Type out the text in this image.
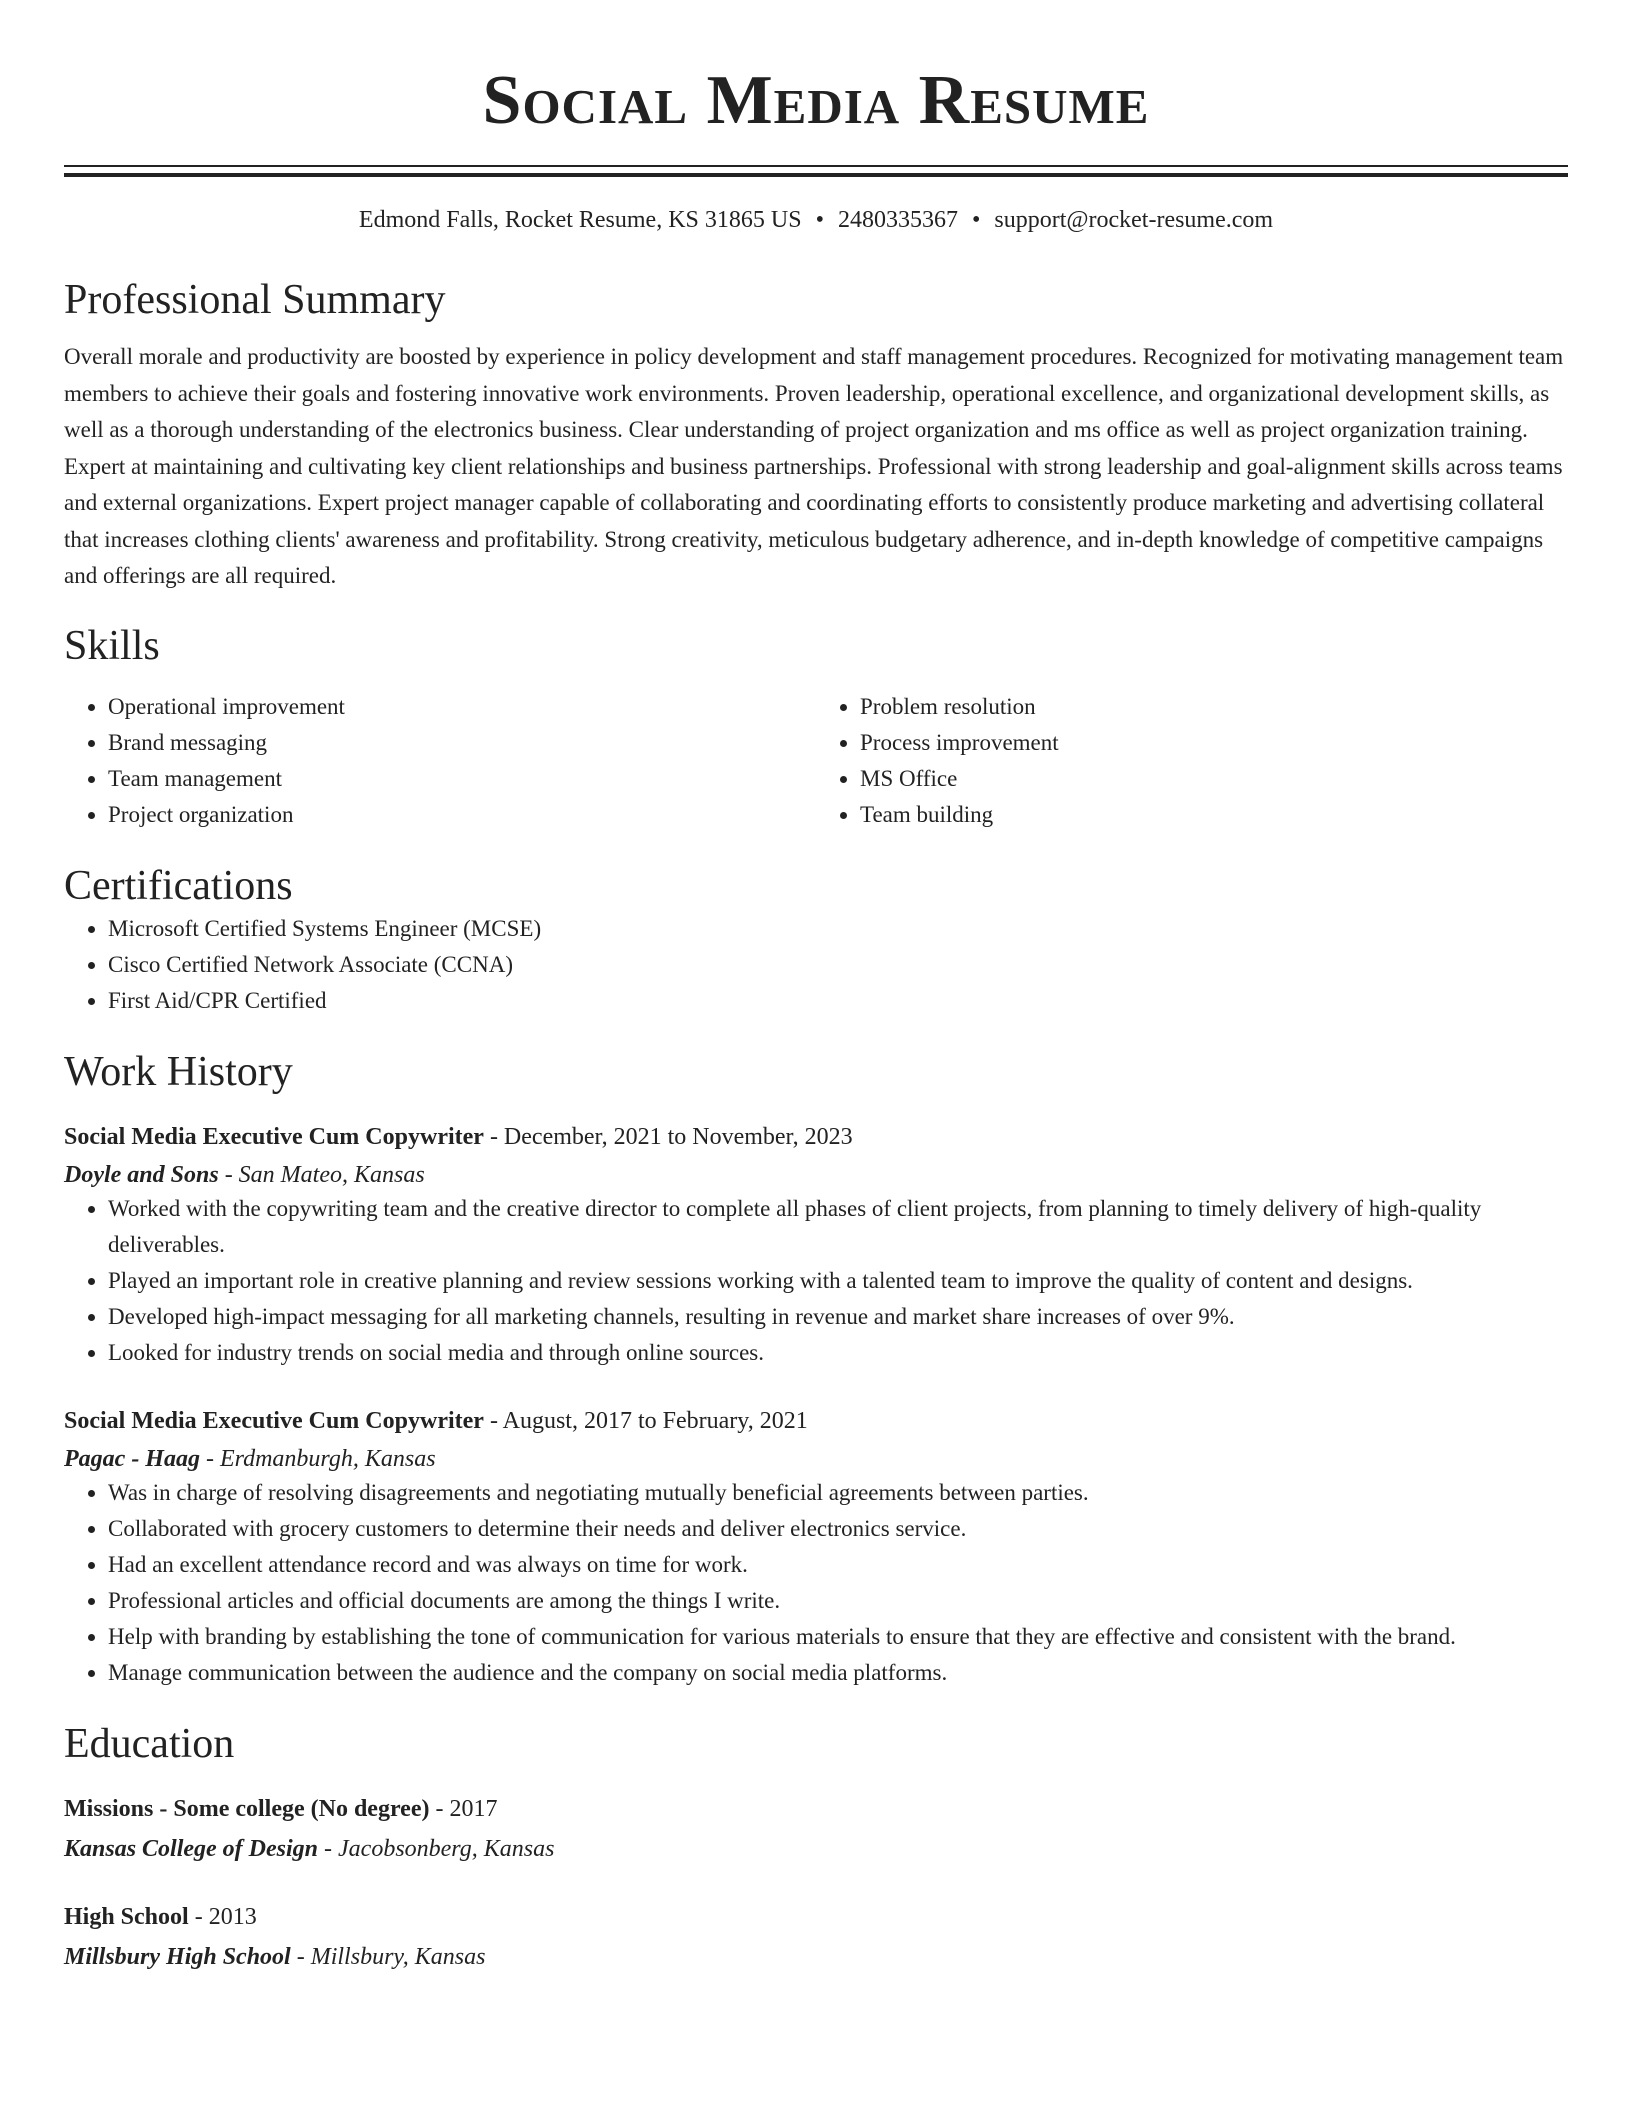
Social Media Resume
Edmond Falls, Rocket Resume, KS 31865 US • 2480335367 • support@rocket-resume.com
Professional Summary

Overall morale and productivity are boosted by experience in policy development and staff management procedures. Recognized for motivating management team members to achieve their goals and fostering innovative work environments. Proven leadership, operational excellence, and organizational development skills, as well as a thorough understanding of the electronics business. Clear understanding of project organization and ms office as well as project organization training. Expert at maintaining and cultivating key client relationships and business partnerships. Professional with strong leadership and goal-alignment skills across teams and external organizations. Expert project manager capable of collaborating and coordinating efforts to consistently produce marketing and advertising collateral that increases clothing clients' awareness and profitability. Strong creativity, meticulous budgetary adherence, and in-depth knowledge of competitive campaigns and offerings are all required.

Skills
• Operational improvement
• Brand messaging
• Team management
• Project organization
• Problem resolution
• Process improvement
• MS Office
• Team building
Certifications
• Microsoft Certified Systems Engineer (MCSE)
• Cisco Certified Network Associate (CCNA)
• First Aid/CPR Certified
Work History
Social Media Executive Cum Copywriter - December, 2021 to November, 2023
Doyle and Sons - San Mateo, Kansas
• Worked with the copywriting team and the creative director to complete all phases of client projects, from planning to timely delivery of high-quality deliverables.
• Played an important role in creative planning and review sessions working with a talented team to improve the quality of content and designs.
• Developed high-impact messaging for all marketing channels, resulting in revenue and market share increases of over 9%.
• Looked for industry trends on social media and through online sources.
Social Media Executive Cum Copywriter - August, 2017 to February, 2021
Pagac - Haag - Erdmanburgh, Kansas
• Was in charge of resolving disagreements and negotiating mutually beneficial agreements between parties.
• Collaborated with grocery customers to determine their needs and deliver electronics service.
• Had an excellent attendance record and was always on time for work.
• Professional articles and official documents are among the things I write.
• Help with branding by establishing the tone of communication for various materials to ensure that they are effective and consistent with the brand.
• Manage communication between the audience and the company on social media platforms.
Education
Missions - Some college (No degree) - 2017
Kansas College of Design - Jacobsonberg, Kansas
High School - 2013
Millsbury High School - Millsbury, Kansas
